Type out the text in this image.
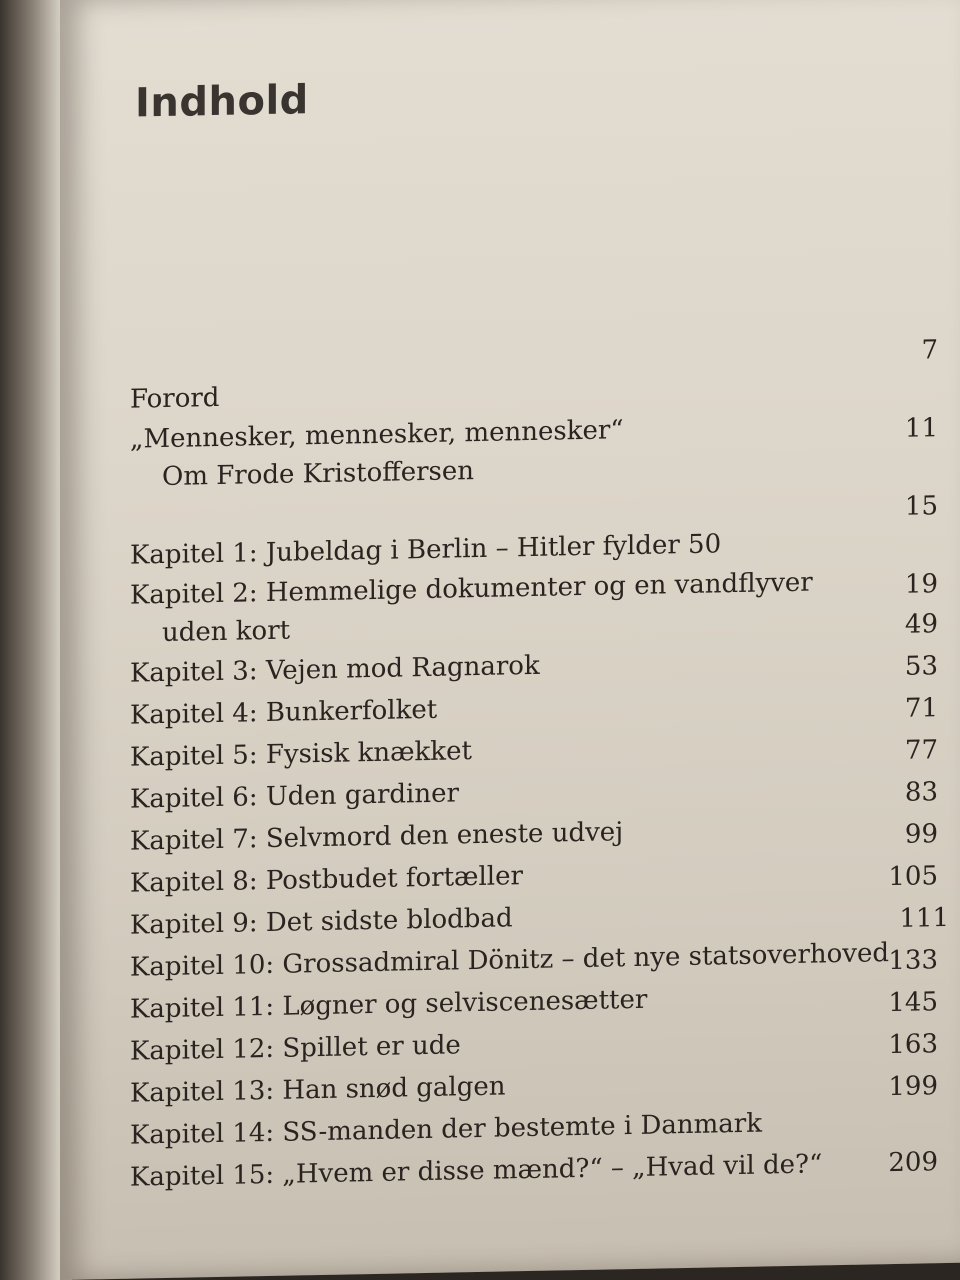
Indhold
Forord
7
„Mennesker, mennesker, mennesker“
Om Frode Kristoffersen
11
Kapitel 1: Jubeldag i Berlin – Hitler fylder 50
15
Kapitel 2: Hemmelige dokumenter og en vandflyver
uden kort
19
Kapitel 3: Vejen mod Ragnarok
49
Kapitel 4: Bunkerfolket
53
Kapitel 5: Fysisk knækket
71
Kapitel 6: Uden gardiner
77
Kapitel 7: Selvmord den eneste udvej
83
Kapitel 8: Postbudet fortæller
99
Kapitel 9: Det sidste blodbad
105
Kapitel 10: Grossadmiral Dönitz – det nye statsoverhoved
111
Kapitel 11: Løgner og selviscenesætter
133
Kapitel 12: Spillet er ude
145
Kapitel 13: Han snød galgen
163
Kapitel 14: SS-manden der bestemte i Danmark
199
Kapitel 15: „Hvem er disse mænd?“ – „Hvad vil de?“	209
